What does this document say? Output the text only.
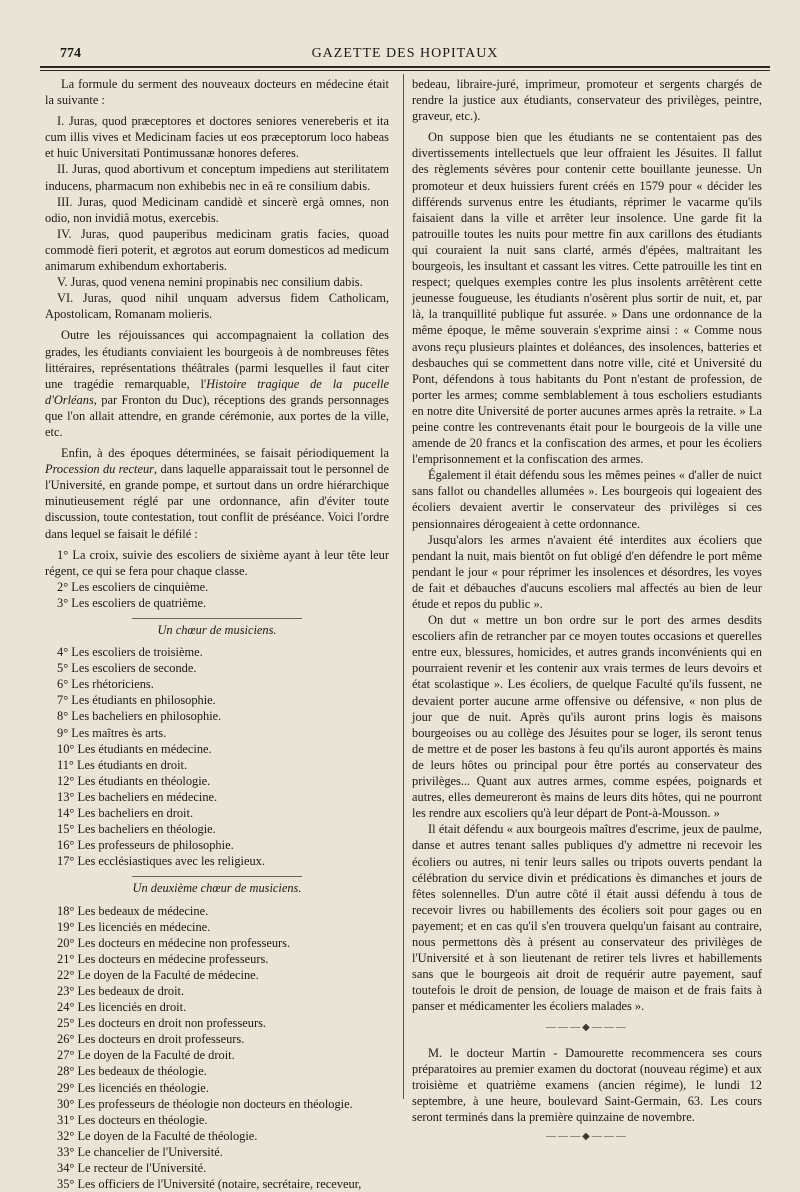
774	GAZETTE DES HOPITAUX

La formule du serment des nouveaux docteurs en médecine était la suivante :

I. Juras, quod præceptores et doctores seniores venereberis et ita cum illis vives et Medicinam facies ut eos præceptorum loco habeas et huic Universitati Pontimussanæ honores deferes.

II. Juras, quod abortivum et conceptum impediens aut sterilitatem inducens, pharmacum non exhibebis nec in eâ re consilium dabis.

III. Juras, quod Medicinam candidè et sincerè ergà omnes, non odio, non invidiâ motus, exercebis.

IV. Juras, quod pauperibus medicinam gratis facies, quoad commodè fieri poterit, et ægrotos aut eorum domesticos ad medicum animarum exhibendum exhortaberis.

V. Juras, quod venena nemini propinabis nec consilium dabis.

VI. Juras, quod nihil unquam adversus fidem Catholicam, Apostolicam, Romanam molieris.

Outre les réjouissances qui accompagnaient la collation des grades, les étudiants conviaient les bourgeois à de nombreuses fêtes littéraires, représentations théâtrales (parmi lesquelles il faut citer une tragédie remarquable, l'Histoire tragique de la pucelle d'Orléans, par Fronton du Duc), réceptions des grands personnages que l'on allait attendre, en grande cérémonie, aux portes de la ville, etc.

Enfin, à des époques déterminées, se faisait périodiquement la Procession du recteur, dans laquelle apparaissait tout le personnel de l'Université, en grande pompe, et surtout dans un ordre hiérarchique minutieusement réglé par une ordonnance, afin d'éviter toute discussion, toute contestation, tout conflit de préséance. Voici l'ordre dans lequel se faisait le défilé :

1° La croix, suivie des escoliers de sixième ayant à leur tête leur régent, ce qui se fera pour chaque classe.

2° Les escoliers de cinquième.
3° Les escoliers de quatrième.
Un chœur de musiciens.
4° Les escoliers de troisième.
5° Les escoliers de seconde.
6° Les rhétoriciens.
7° Les étudiants en philosophie.
8° Les bacheliers en philosophie.
9° Les maîtres ès arts.
10° Les étudiants en médecine.
11° Les étudiants en droit.
12° Les étudiants en théologie.
13° Les bacheliers en médecine.
14° Les bacheliers en droit.
15° Les bacheliers en théologie.
16° Les professeurs de philosophie.
17° Les ecclésiastiques avec les religieux.
Un deuxième chœur de musiciens.
18° Les bedeaux de médecine.
19° Les licenciés en médecine.
20° Les docteurs en médecine non professeurs.
21° Les docteurs en médecine professeurs.
22° Le doyen de la Faculté de médecine.
23° Les bedeaux de droit.
24° Les licenciés en droit.
25° Les docteurs en droit non professeurs.
26° Les docteurs en droit professeurs.
27° Le doyen de la Faculté de droit.
28° Les bedeaux de théologie.
29° Les licenciés en théologie.
30° Les professeurs de théologie non docteurs en théologie.
31° Les docteurs en théologie.
32° Le doyen de la Faculté de théologie.
33° Le chancelier de l'Université.
34° Le recteur de l'Université.
35° Les officiers de l'Université (notaire, secrétaire, receveur,

bedeau, libraire-juré, imprimeur, promoteur et sergents chargés de rendre la justice aux étudiants, conservateur des privilèges, peintre, graveur, etc.).

On suppose bien que les étudiants ne se contentaient pas des divertissements intellectuels que leur offraient les Jésuites. Il fallut des règlements sévères pour contenir cette bouillante jeunesse. Un promoteur et deux huissiers furent créés en 1579 pour « décider les différends survenus entre les étudiants, réprimer le vacarme qu'ils faisaient dans la ville et arrêter leur insolence. Une garde fit la patrouille toutes les nuits pour mettre fin aux carillons des étudiants qui couraient la nuit sans clarté, armés d'épées, maltraitant les bourgeois, les insultant et cassant les vitres. Cette patrouille les tint en respect; quelques exemples contre les plus insolents arrêtèrent cette jeunesse fougueuse, les étudiants n'osèrent plus sortir de nuit, et, par là, la tranquillité publique fut assurée. » Dans une ordonnance de la même époque, le même souverain s'exprime ainsi : « Comme nous avons reçu plusieurs plaintes et doléances, des insolences, batteries et desbauches qui se commettent dans notre ville, cité et Université du Pont, défendons à tous habitants du Pont n'estant de profession, de porter les armes; comme semblablement à tous escholiers estudiants en notre dite Université de porter aucunes armes après la retraite. » La peine contre les contrevenants était pour le bourgeois de la ville une amende de 20 francs et la confiscation des armes, et pour les écoliers l'emprisonnement et la confiscation des armes.

Également il était défendu sous les mêmes peines « d'aller de nuict sans fallot ou chandelles allumées ». Les bourgeois qui logeaient des écoliers devaient avertir le conservateur des privilèges si ces pensionnaires dérogeaient à cette ordonnance.

Jusqu'alors les armes n'avaient été interdites aux écoliers que pendant la nuit, mais bientôt on fut obligé d'en défendre le port même pendant le jour « pour réprimer les insolences et désordres, les voyes de fait et débauches d'aucuns escoliers mal affectés au bien de leur étude et repos du public ».

On dut « mettre un bon ordre sur le port des armes desdits escoliers afin de retrancher par ce moyen toutes occasions et querelles entre eux, blessures, homicides, et autres grands inconvénients qui en pourraient revenir et les contenir aux vrais termes de leurs devoirs et état scolastique ». Les écoliers, de quelque Faculté qu'ils fussent, ne devaient porter aucune arme offensive ou défensive, « non plus de jour que de nuit. Après qu'ils auront prins logis ès maisons bourgeoises ou au collège des Jésuites pour se loger, ils seront tenus de mettre et de poser les bastons à feu qu'ils auront apportés ès mains de leurs hôtes ou principal pour être portés au conservateur des privilèges... Quant aux autres armes, comme espées, poignards et autres, elles demeureront ès mains de leurs dits hôtes, qui ne pourront les rendre aux escoliers qu'à leur départ de Pont-à-Mousson. »

Il était défendu « aux bourgeois maîtres d'escrime, jeux de paulme, danse et autres tenant salles publiques d'y admettre ni recevoir les écoliers ou autres, ni tenir leurs salles ou tripots ouverts pendant la célébration du service divin et prédications ès dimanches et jours de fêtes solennelles. D'un autre côté il était aussi défendu à tous de recevoir livres ou habillements des écoliers soit pour gages ou en payement; et en cas qu'il s'en trouvera quelqu'un faisant au contraire, nous permettons dès à présent au conservateur des privilèges de l'Université et à son lieutenant de retirer tels livres et habillements sans que le bourgeois ait droit de requérir autre payement, sauf toutefois le droit de pension, de louage de maison et de frais faits à panser et médicamenter les écoliers malades ».

———◆———

M. le docteur Martin - Damourette recommencera ses cours préparatoires au premier examen du doctorat (nouveau régime) et aux troisième et quatrième examens (ancien régime), le lundi 12 septembre, à une heure, boulevard Saint-Germain, 63. Les cours seront terminés dans la première quinzaine de novembre.

———◆———
